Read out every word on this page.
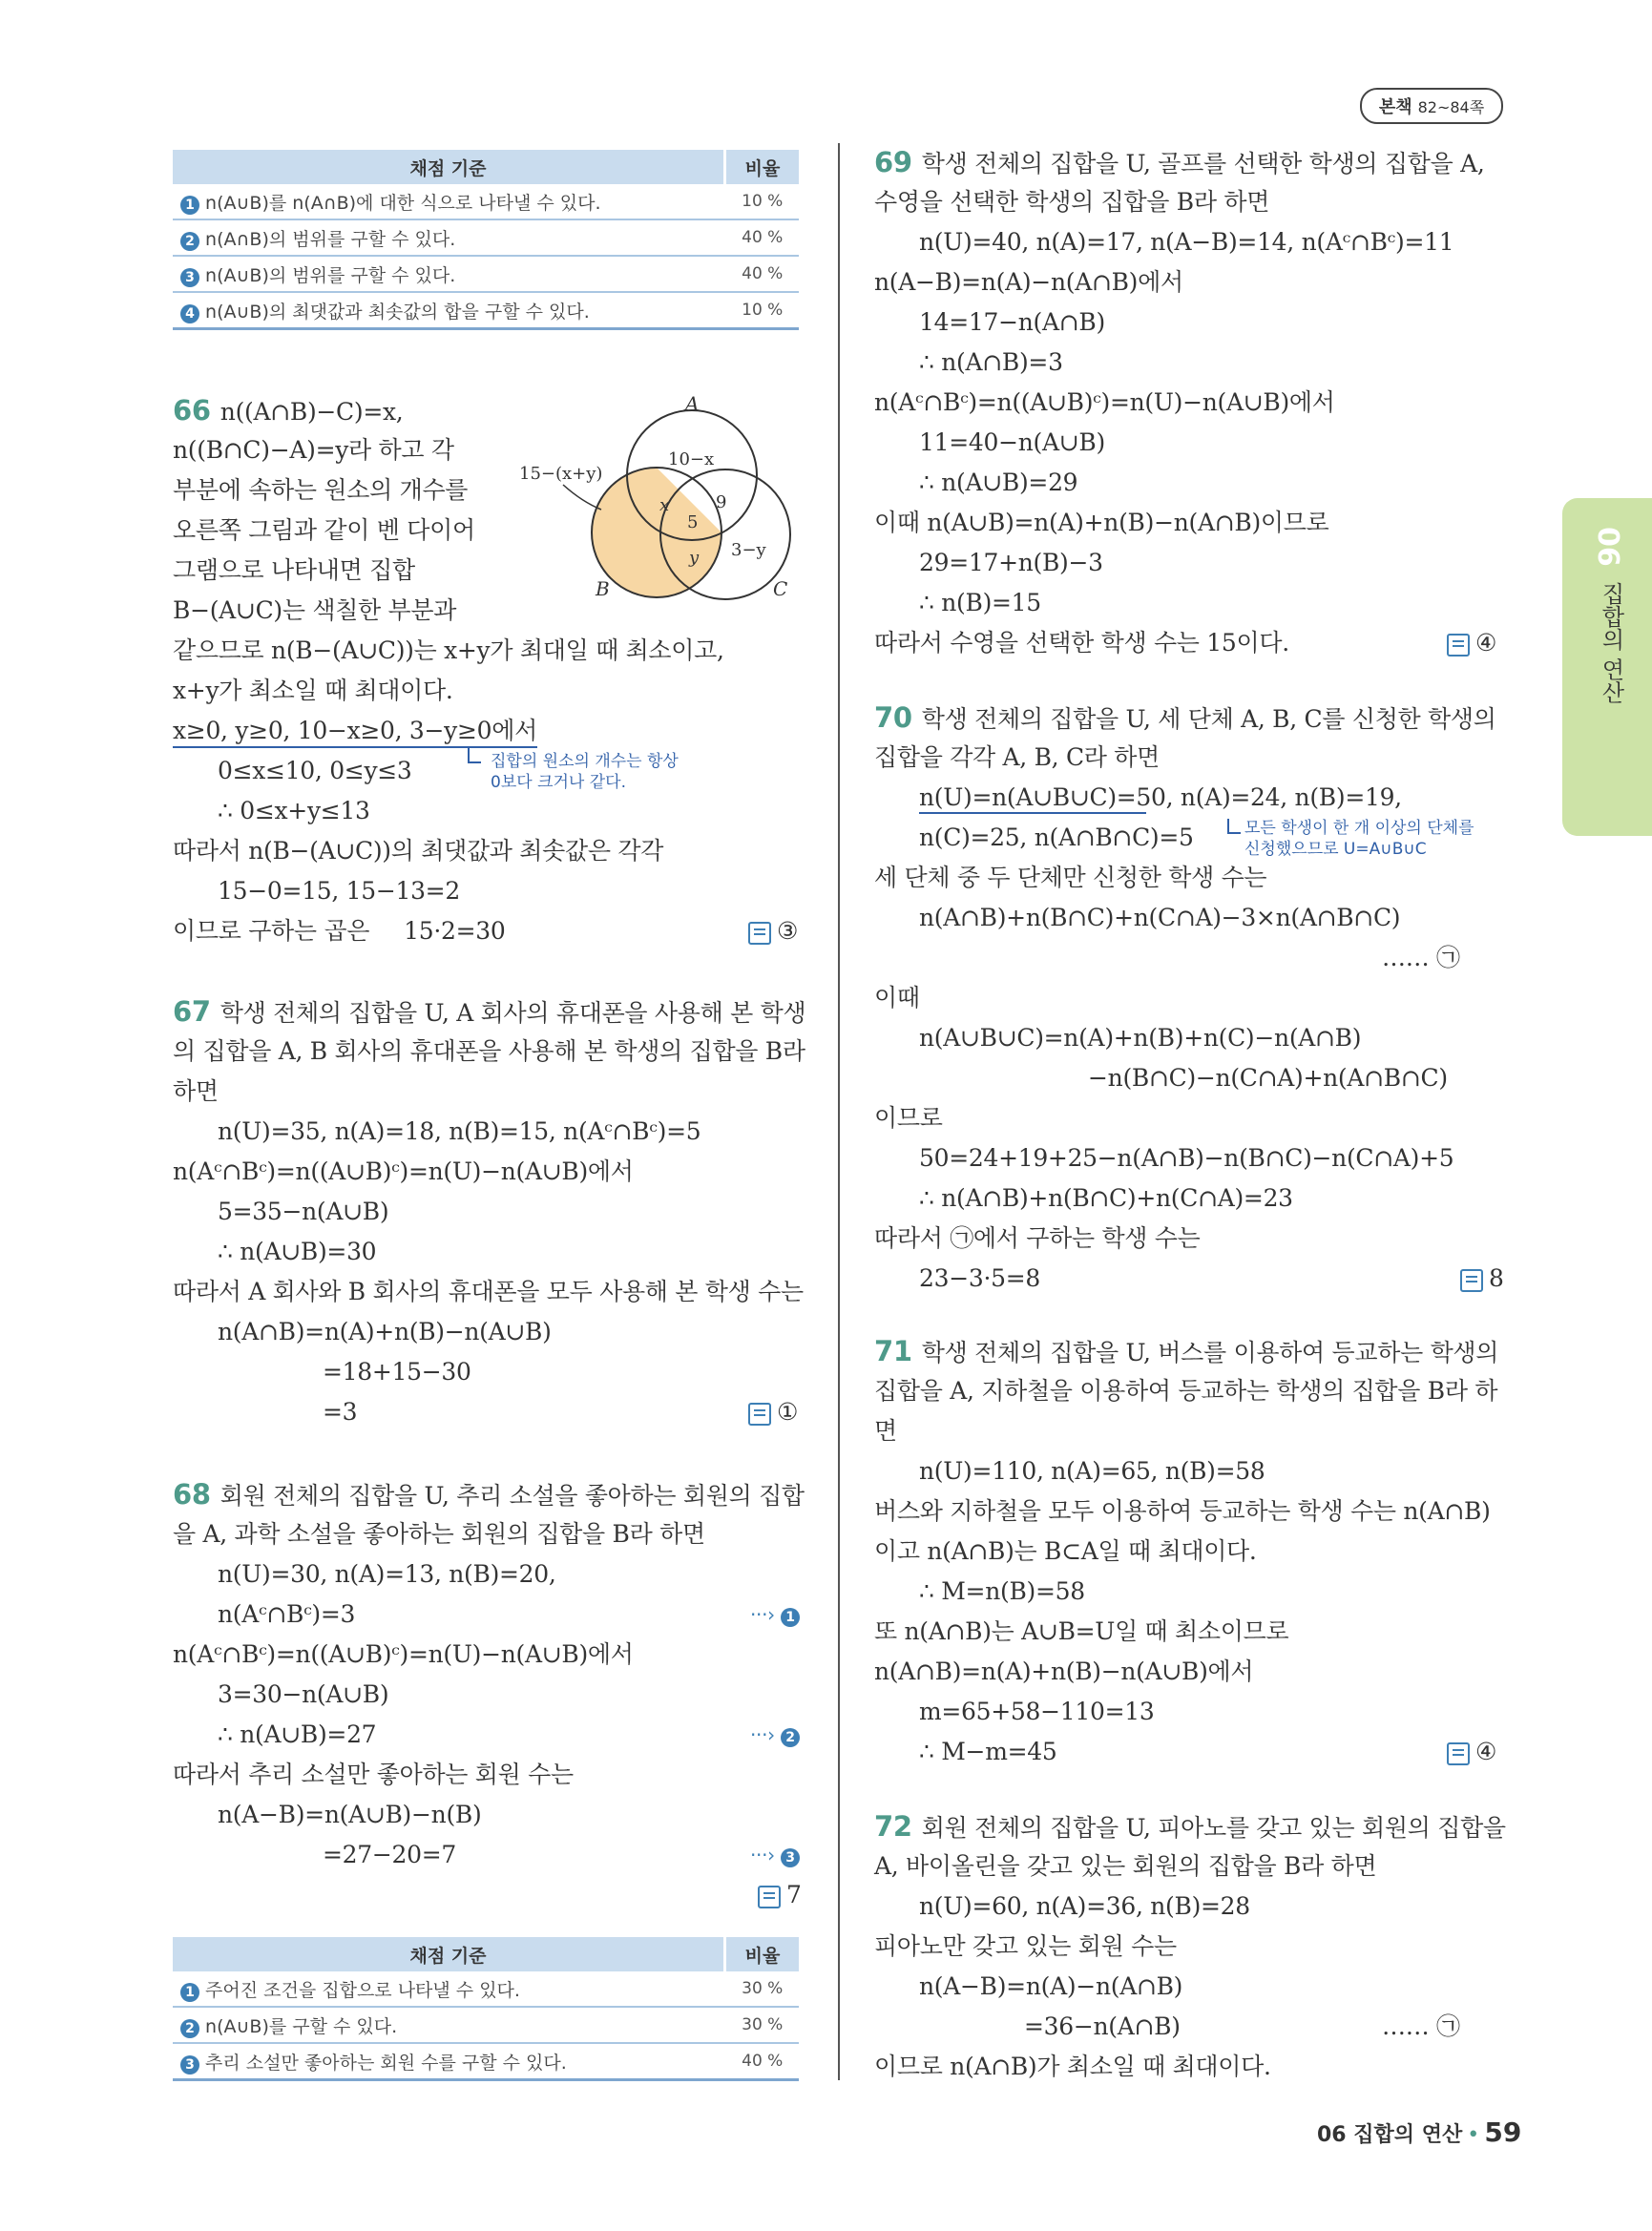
본책 82~84쪽
06
집합의 연산
채점 기준	비율
1 n(A∪B)를 n(A∩B)에 대한 식으로 나타낼 수 있다.	10 %
2 n(A∩B)의 범위를 구할 수 있다.	40 %
3 n(A∪B)의 범위를 구할 수 있다.	40 %
4 n(A∪B)의 최댓값과 최솟값의 합을 구할 수 있다.	10 %
66 n((A∩B)−C)=x,
n((B∩C)−A)=y라 하고 각
부분에 속하는 원소의 개수를
오른쪽 그림과 같이 벤 다이어
그램으로 나타내면 집합
B−(A∪C)는 색칠한 부분과
같으므로 n(B−(A∪C))는 x+y가 최대일 때 최소이고,
x+y가 최소일 때 최대이다.
x≥0, y≥0, 10−x≥0, 3−y≥0에서
0≤x≤10, 0≤y≤3	집합의 원소의 개수는 항상
0보다 크거나 같다.
∴ 0≤x+y≤13
따라서 n(B−(A∪C))의 최댓값과 최솟값은 각각
15−0=15, 15−13=2
이므로 구하는 곱은 15·2=30	③
A
B	C
10−x
15−(x+y)
3−y
x
5
9
y
67 학생 전체의 집합을 U, A 회사의 휴대폰을 사용해 본 학생
의 집합을 A, B 회사의 휴대폰을 사용해 본 학생의 집합을 B라
하면
n(U)=35, n(A)=18, n(B)=15, n(Aᶜ∩Bᶜ)=5
n(Aᶜ∩Bᶜ)=n((A∪B)ᶜ)=n(U)−n(A∪B)에서
5=35−n(A∪B)
∴ n(A∪B)=30
따라서 A 회사와 B 회사의 휴대폰을 모두 사용해 본 학생 수는
n(A∩B)=n(A)+n(B)−n(A∪B)
=18+15−30
=3	①
68 회원 전체의 집합을 U, 추리 소설을 좋아하는 회원의 집합
을 A, 과학 소설을 좋아하는 회원의 집합을 B라 하면
n(U)=30, n(A)=13, n(B)=20,
n(Aᶜ∩Bᶜ)=3	···› 1
n(Aᶜ∩Bᶜ)=n((A∪B)ᶜ)=n(U)−n(A∪B)에서
3=30−n(A∪B)
∴ n(A∪B)=27	···› 2
따라서 추리 소설만 좋아하는 회원 수는
n(A−B)=n(A∪B)−n(B)
=27−20=7	···› 3
7
채점 기준	비율
1 주어진 조건을 집합으로 나타낼 수 있다.	30 %
2 n(A∪B)를 구할 수 있다.	30 %
3 추리 소설만 좋아하는 회원 수를 구할 수 있다.	40 %
69 학생 전체의 집합을 U, 골프를 선택한 학생의 집합을 A,
수영을 선택한 학생의 집합을 B라 하면
n(U)=40, n(A)=17, n(A−B)=14, n(Aᶜ∩Bᶜ)=11
n(A−B)=n(A)−n(A∩B)에서
14=17−n(A∩B)
∴ n(A∩B)=3
n(Aᶜ∩Bᶜ)=n((A∪B)ᶜ)=n(U)−n(A∪B)에서
11=40−n(A∪B)
∴ n(A∪B)=29
이때 n(A∪B)=n(A)+n(B)−n(A∩B)이므로
29=17+n(B)−3
∴ n(B)=15
따라서 수영을 선택한 학생 수는 15이다.	④
70 학생 전체의 집합을 U, 세 단체 A, B, C를 신청한 학생의
집합을 각각 A, B, C라 하면
n(U)=n(A∪B∪C)=50, n(A)=24, n(B)=19,
n(C)=25, n(A∩B∩C)=5	모든 학생이 한 개 이상의 단체를
신청했으므로 U=A∪B∪C
세 단체 중 두 단체만 신청한 학생 수는
n(A∩B)+n(B∩C)+n(C∩A)−3×n(A∩B∩C)
…… ㉠
이때
n(A∪B∪C)=n(A)+n(B)+n(C)−n(A∩B)
−n(B∩C)−n(C∩A)+n(A∩B∩C)
이므로
50=24+19+25−n(A∩B)−n(B∩C)−n(C∩A)+5
∴ n(A∩B)+n(B∩C)+n(C∩A)=23
따라서 ㉠에서 구하는 학생 수는
23−3·5=8	8
71 학생 전체의 집합을 U, 버스를 이용하여 등교하는 학생의
집합을 A, 지하철을 이용하여 등교하는 학생의 집합을 B라 하
면
n(U)=110, n(A)=65, n(B)=58
버스와 지하철을 모두 이용하여 등교하는 학생 수는 n(A∩B)
이고 n(A∩B)는 B⊂A일 때 최대이다.
∴ M=n(B)=58
또 n(A∩B)는 A∪B=U일 때 최소이므로
n(A∩B)=n(A)+n(B)−n(A∪B)에서
m=65+58−110=13
∴ M−m=45	④
72 회원 전체의 집합을 U, 피아노를 갖고 있는 회원의 집합을
A, 바이올린을 갖고 있는 회원의 집합을 B라 하면
n(U)=60, n(A)=36, n(B)=28
피아노만 갖고 있는 회원 수는
n(A−B)=n(A)−n(A∩B)
=36−n(A∩B)	…… ㉠
이므로 n(A∩B)가 최소일 때 최대이다.
06 집합의 연산 • 59
